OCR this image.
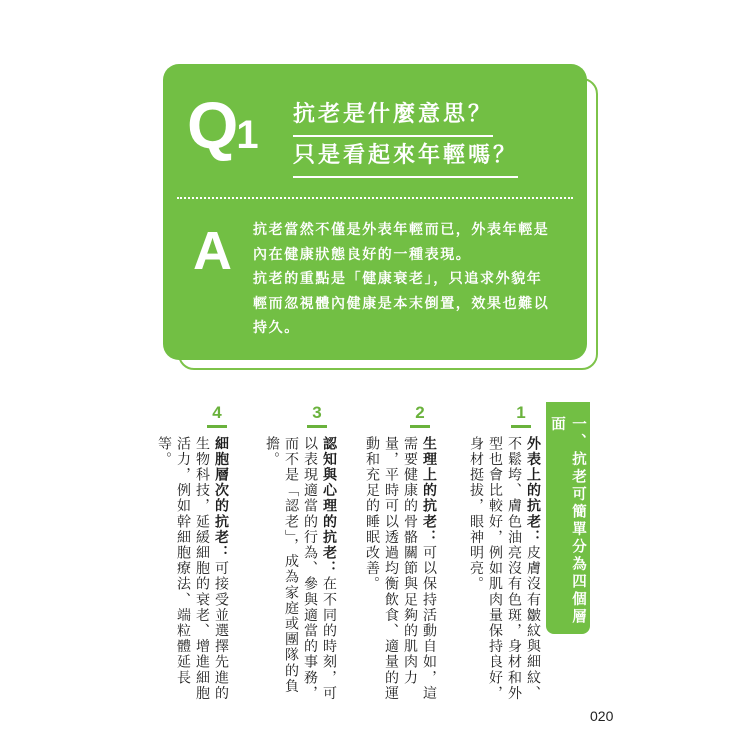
Q1 抗老是什麼意思？
只是看起來年輕嗎？
A 抗老當然不僅是外表年輕而已，外表年輕是
內在健康狀態良好的一種表現。
抗老的重點是「健康衰老」，只追求外貌年
輕而忽視體內健康是本末倒置，效果也難以
持久。
一、抗老可簡單分為四個層面
1
外表上的抗老：皮膚沒有皺紋與細紋、不鬆垮、膚色油亮沒有色斑，身材和外型也會比較好，例如肌肉量保持良好，身材挺拔，眼神明亮。
2
生理上的抗老：可以保持活動自如，這需要健康的骨骼關節與足夠的肌肉力量，平時可以透過均衡飲食、適量的運動和充足的睡眠改善。
3
認知與心理的抗老：在不同的時刻，可以表現適當的行為、參與適當的事務，而不是「認老」，成為家庭或團隊的負擔。
4
細胞層次的抗老：可接受並選擇先進的生物科技，延緩細胞的衰老、增進細胞活力，例如幹細胞療法、端粒體延長等。
020
